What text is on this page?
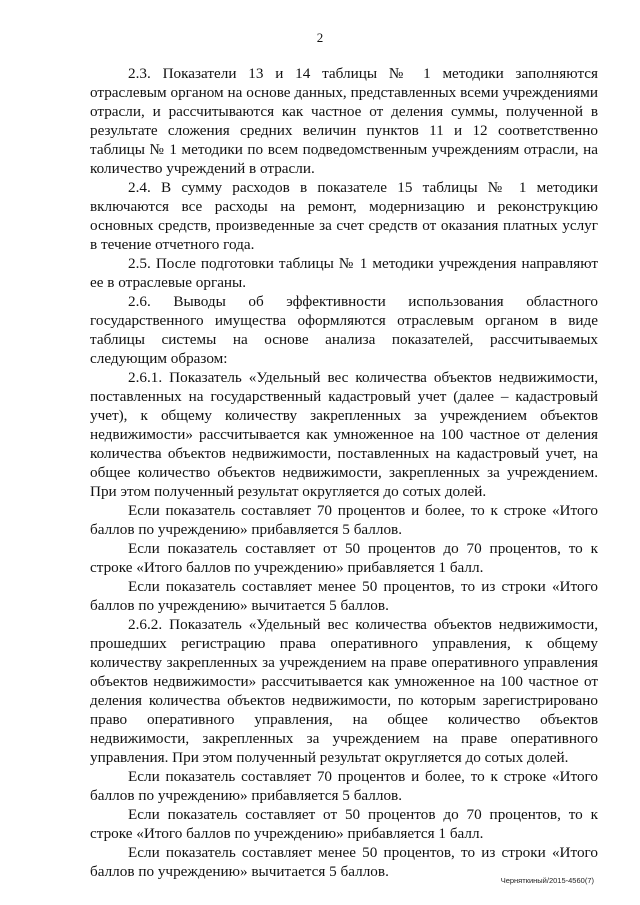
2

2.3. Показатели 13 и 14 таблицы № 1 методики заполняются отраслевым органом на основе данных, представленных всеми учреждениями отрасли, и рассчитываются как частное от деления суммы, полученной в результате сложения средних величин пунктов 11 и 12 соответственно таблицы № 1 методики по всем подведомственным учреждениям отрасли, на количество учреждений в отрасли.

2.4. В сумму расходов в показателе 15 таблицы № 1 методики включаются все расходы на ремонт, модернизацию и реконструкцию основных средств, произведенные за счет средств от оказания платных услуг в течение отчетного года.

2.5. После подготовки таблицы № 1 методики учреждения направляют ее в отраслевые органы.

2.6. Выводы об эффективности использования областного государственного имущества оформляются отраслевым органом в виде таблицы системы на основе анализа показателей, рассчитываемых следующим образом:

2.6.1. Показатель «Удельный вес количества объектов недвижимости, поставленных на государственный кадастровый учет (далее – кадастровый учет), к общему количеству закрепленных за учреждением объектов недвижимости» рассчитывается как умноженное на 100 частное от деления количества объектов недвижимости, поставленных на кадастровый учет, на общее количество объектов недвижимости, закрепленных за учреждением. При этом полученный результат округляется до сотых долей.

Если показатель составляет 70 процентов и более, то к строке «Итого баллов по учреждению» прибавляется 5 баллов.

Если показатель составляет от 50 процентов до 70 процентов, то к строке «Итого баллов по учреждению» прибавляется 1 балл.

Если показатель составляет менее 50 процентов, то из строки «Итого баллов по учреждению» вычитается 5 баллов.

2.6.2. Показатель «Удельный вес количества объектов недвижимости, прошедших регистрацию права оперативного управления, к общему количеству закрепленных за учреждением на праве оперативного управления объектов недвижимости» рассчитывается как умноженное на 100 частное от деления количества объектов недвижимости, по которым зарегистрировано право оперативного управления, на общее количество объектов недвижимости, закрепленных за учреждением на праве оперативного управления. При этом полученный результат округляется до сотых долей.

Если показатель составляет 70 процентов и более, то к строке «Итого баллов по учреждению» прибавляется 5 баллов.

Если показатель составляет от 50 процентов до 70 процентов, то к строке «Итого баллов по учреждению» прибавляется 1 балл.

Если показатель составляет менее 50 процентов, то из строки «Итого баллов по учреждению» вычитается 5 баллов.

Черняткиный/2015-4560(7)
